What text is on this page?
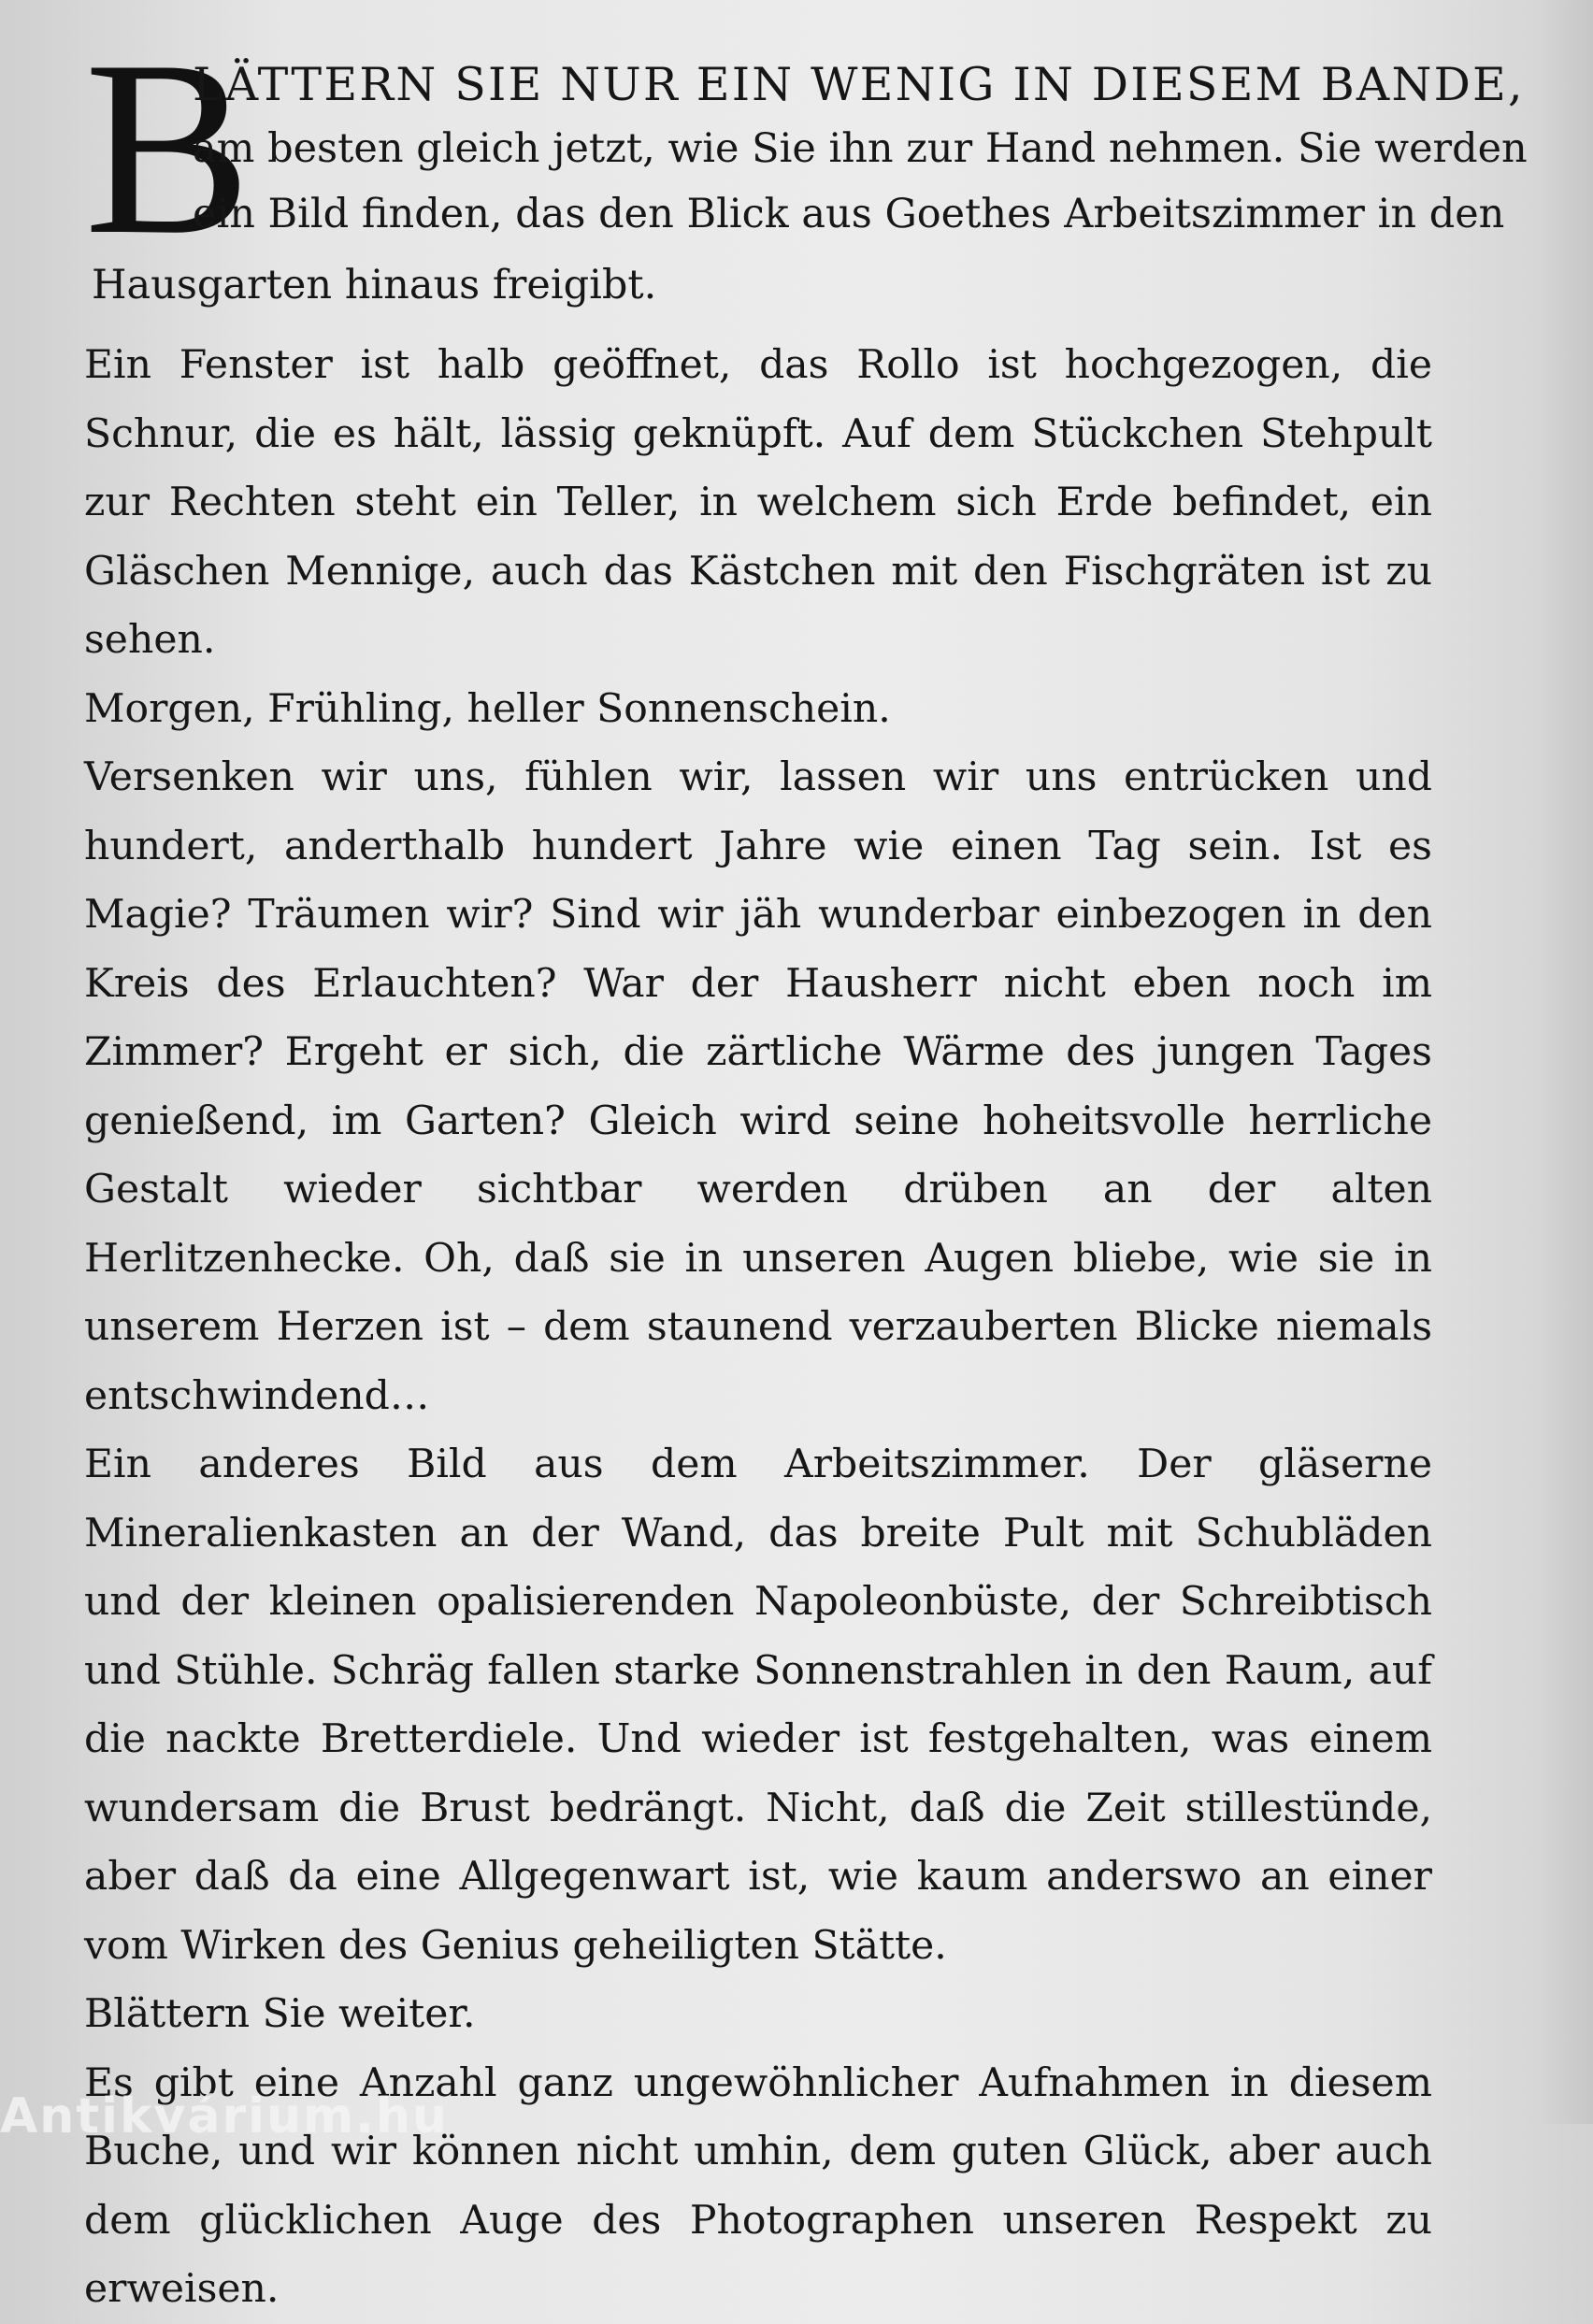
B
LÄTTERN SIE NUR EIN WENIG IN DIESEM BANDE,
am besten gleich jetzt, wie Sie ihn zur Hand nehmen. Sie werden
ein Bild finden, das den Blick aus Goethes Arbeitszimmer in den
Hausgarten hinaus freigibt.

Ein Fenster ist halb geöffnet, das Rollo ist hochgezogen, die Schnur, die es hält, lässig geknüpft. Auf dem Stückchen Stehpult zur Rechten steht ein Teller, in welchem sich Erde befindet, ein Gläschen Mennige, auch das Kästchen mit den Fischgräten ist zu sehen.

Morgen, Frühling, heller Sonnenschein.

Versenken wir uns, fühlen wir, lassen wir uns entrücken und hundert, anderthalb hundert Jahre wie einen Tag sein. Ist es Magie? Träumen wir? Sind wir jäh wunderbar einbezogen in den Kreis des Erlauchten? War der Hausherr nicht eben noch im Zimmer? Ergeht er sich, die zärtliche Wärme des jungen Tages genießend, im Garten? Gleich wird seine hoheitsvolle herrliche Gestalt wieder sichtbar werden drüben an der alten Herlitzenhecke. Oh, daß sie in unseren Augen bliebe, wie sie in unserem Herzen ist – dem staunend verzauberten Blicke niemals entschwindend…

Ein anderes Bild aus dem Arbeitszimmer. Der gläserne Mineralienkasten an der Wand, das breite Pult mit Schubläden und der kleinen opalisierenden Napoleonbüste, der Schreibtisch und Stühle. Schräg fallen starke Sonnenstrahlen in den Raum, auf die nackte Bretterdiele. Und wieder ist festgehalten, was einem wundersam die Brust bedrängt. Nicht, daß die Zeit stillestünde, aber daß da eine Allgegenwart ist, wie kaum anderswo an einer vom Wirken des Genius geheiligten Stätte.

Blättern Sie weiter.

Es gibt eine Anzahl ganz ungewöhnlicher Aufnahmen in diesem Buche, und wir können nicht umhin, dem guten Glück, aber auch dem glücklichen Auge des Photographen unseren Respekt zu erweisen.

Antikvárium.hu
